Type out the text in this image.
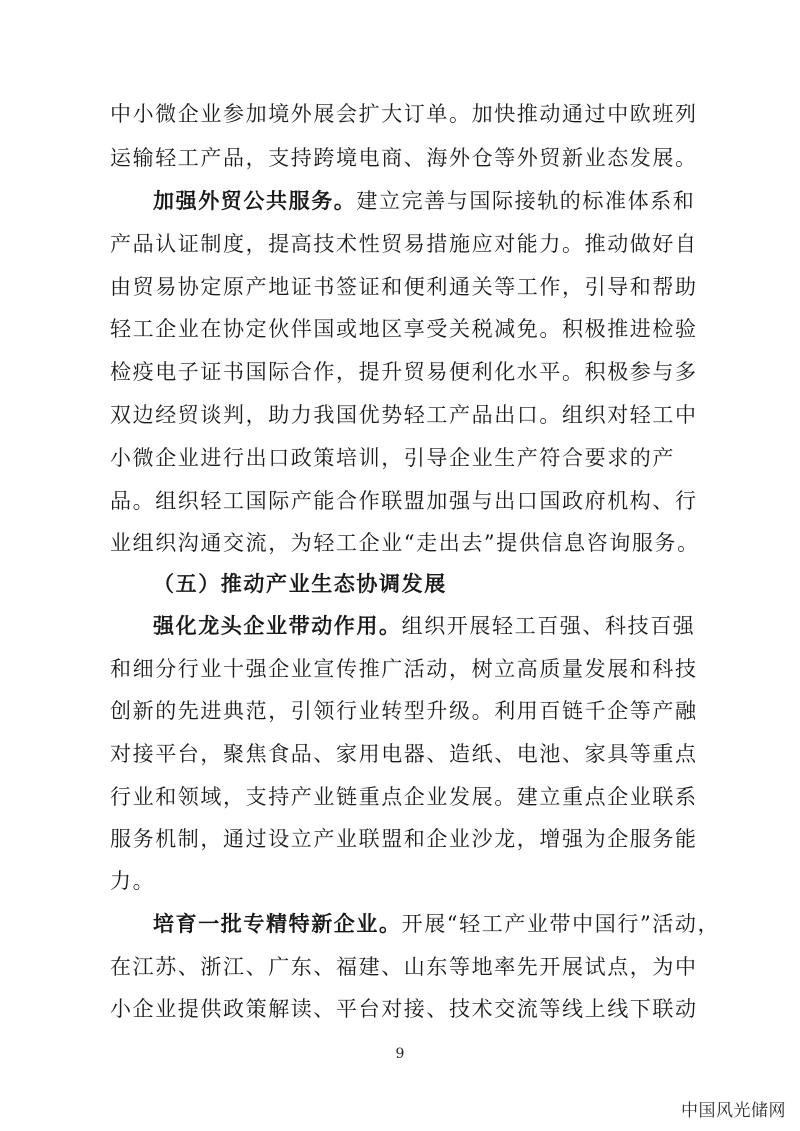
中小微企业参加境外展会扩大订单。加快推动通过中欧班列
运输轻工产品，支持跨境电商、海外仓等外贸新业态发展。
加强外贸公共服务。建立完善与国际接轨的标准体系和
产品认证制度，提高技术性贸易措施应对能力。推动做好自
由贸易协定原产地证书签证和便利通关等工作，引导和帮助
轻工企业在协定伙伴国或地区享受关税减免。积极推进检验
检疫电子证书国际合作，提升贸易便利化水平。积极参与多
双边经贸谈判，助力我国优势轻工产品出口。组织对轻工中
小微企业进行出口政策培训，引导企业生产符合要求的产
品。组织轻工国际产能合作联盟加强与出口国政府机构、行
业组织沟通交流，为轻工企业“走出去”提供信息咨询服务。
（五）推动产业生态协调发展
强化龙头企业带动作用。组织开展轻工百强、科技百强
和细分行业十强企业宣传推广活动，树立高质量发展和科技
创新的先进典范，引领行业转型升级。利用百链千企等产融
对接平台，聚焦食品、家用电器、造纸、电池、家具等重点
行业和领域，支持产业链重点企业发展。建立重点企业联系
服务机制，通过设立产业联盟和企业沙龙，增强为企服务能
力。
培育一批专精特新企业。开展“轻工产业带中国行”活动，
在江苏、浙江、广东、福建、山东等地率先开展试点，为中
小企业提供政策解读、平台对接、技术交流等线上线下联动
9
中国风光储网
